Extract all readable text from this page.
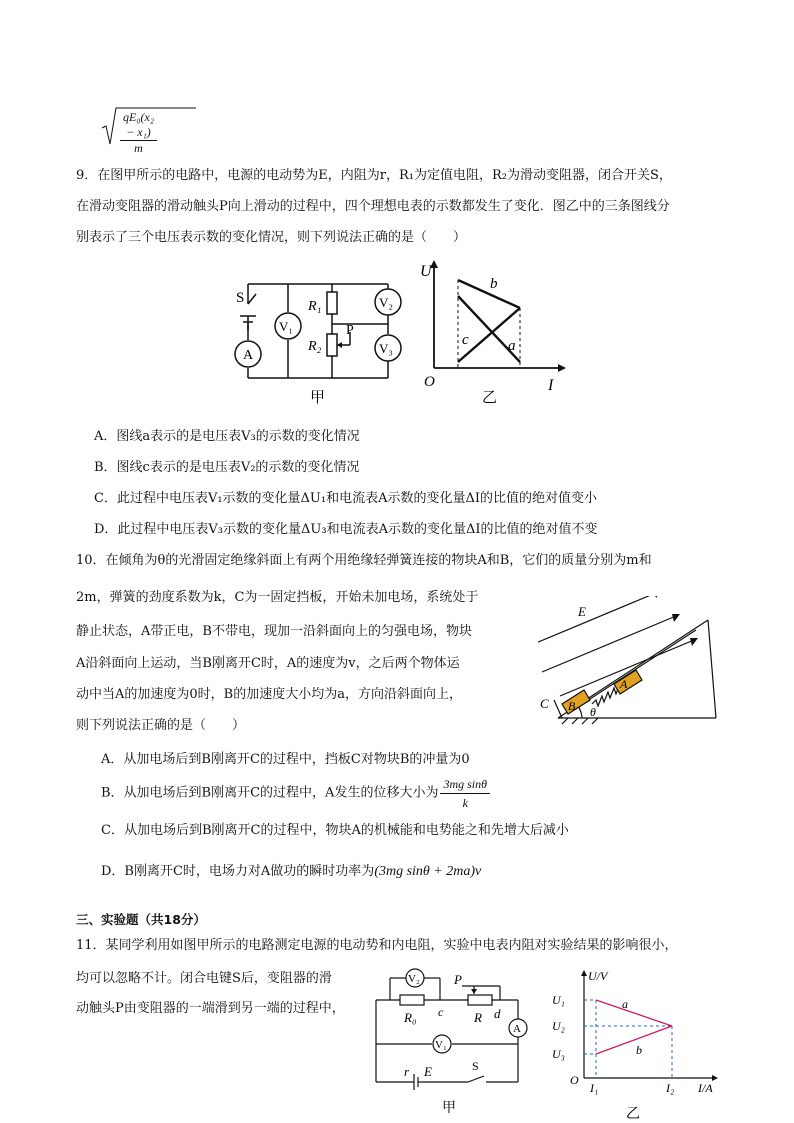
$\frac{\text{qE₀(x₂ − x₁)}}{m}$
9．在图甲所示的电路中，电源的电动势为E，内阻为r，R₁为定值电阻，R₂为滑动变阻器，闭合开关S，
在滑动变阻器的滑动触头P向上滑动的过程中，四个理想电表的示数都发生了变化．图乙中的三条图线分
别表示了三个电压表示数的变化情况，则下列说法正确的是（　　）
S
A
V₁
V₂
V₃
R₁
R₂
P
甲
U
I
O
b
c	a
乙
A．图线a表示的是电压表V₃的示数的变化情况
B．图线c表示的是电压表V₂的示数的变化情况
C．此过程中电压表V₁示数的变化量ΔU₁和电流表A示数的变化量ΔI的比值的绝对值变小
D．此过程中电压表V₃示数的变化量ΔU₃和电流表A示数的变化量ΔI的比值的绝对值不变
10．在倾角为θ的光滑固定绝缘斜面上有两个用绝缘轻弹簧连接的物块A和B，它们的质量分别为m和
2m，弹簧的劲度系数为k，C为一固定挡板，开始未加电场，系统处于
静止状态，A带正电，B不带电，现加一沿斜面向上的匀强电场，物块
A沿斜面向上运动，当B刚离开C时，A的速度为v，之后两个物体运
动中当A的加速度为0时，B的加速度大小均为a，方向沿斜面向上，
则下列说法正确的是（　　）
E
A
B
C
θ
A．从加电场后到B刚离开C的过程中，挡板C对物块B的冲量为0
B．从加电场后到B刚离开C的过程中，A发生的位移大小为 $\frac{\text{3mg sinθ}}{k}$
C．从加电场后到B刚离开C的过程中，物块A的机械能和电势能之和先增大后减小
D．B刚离开C时，电场力对A做功的瞬时功率为(3mg sinθ + 2ma)v
三、实验题（共18分）
11．某同学利用如图甲所示的电路测定电源的电动势和内电阻，实验中电表内阻对实验结果的影响很小，
均可以忽略不计。闭合电键S后，变阻器的滑
动触头P由变阻器的一端滑到另一端的过程中，
V₂
V₁
A
R₀ c
P
R d
r E	S
甲
U/V
I/A
U₁
U₂
U₃
O
I₁	I₂
a
b
乙
